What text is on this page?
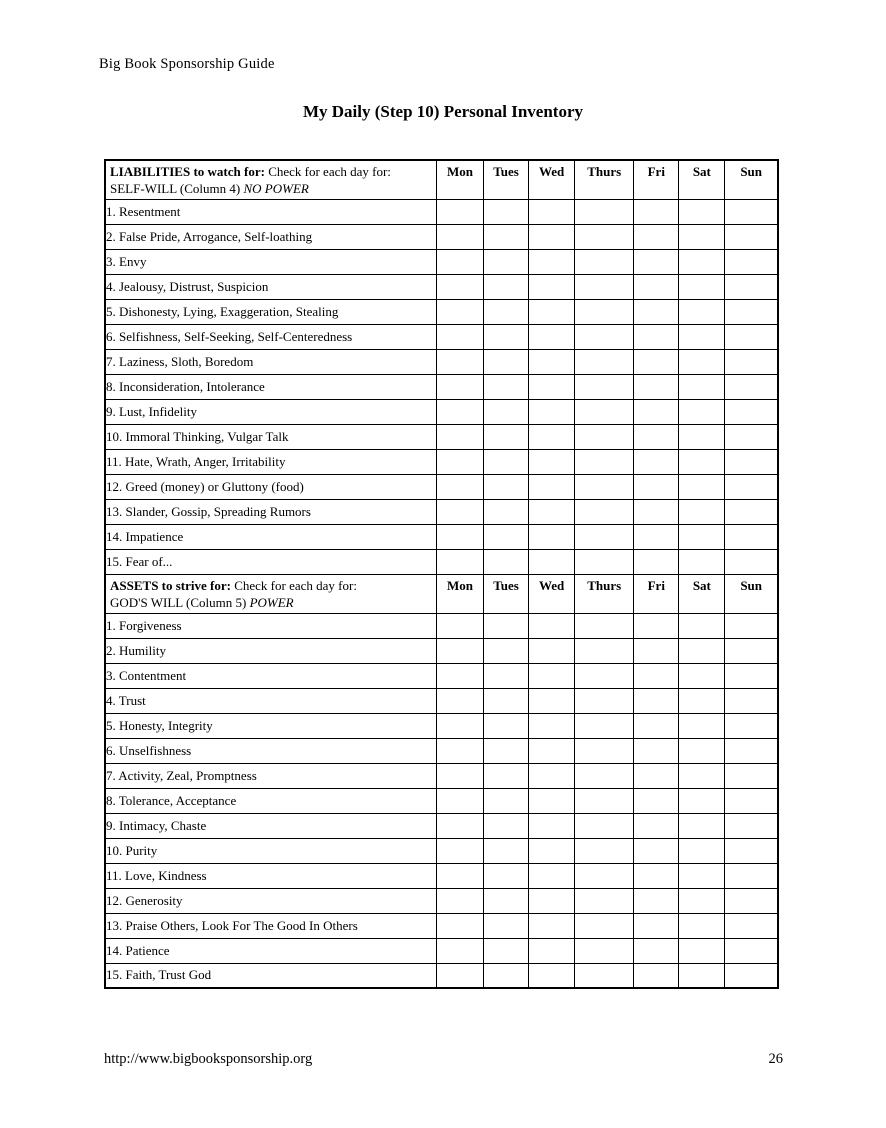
Big Book Sponsorship Guide
My Daily (Step 10) Personal Inventory
LIABILITIES to watch for: Check for each day for:
SELF-WILL (Column 4) NO POWER	Mon	Tues	Wed	Thurs	Fri	Sat	Sun
1. Resentment							
2. False Pride, Arrogance, Self-loathing							
3. Envy							
4. Jealousy, Distrust, Suspicion							
5. Dishonesty, Lying, Exaggeration, Stealing							
6. Selfishness, Self-Seeking, Self-Centeredness							
7. Laziness, Sloth, Boredom							
8. Inconsideration, Intolerance							
9. Lust, Infidelity							
10. Immoral Thinking, Vulgar Talk							
11. Hate, Wrath, Anger, Irritability							
12. Greed (money) or Gluttony (food)							
13. Slander, Gossip, Spreading Rumors							
14. Impatience							
15. Fear of...							
ASSETS to strive for: Check for each day for:
GOD'S WILL (Column 5) POWER	Mon	Tues	Wed	Thurs	Fri	Sat	Sun
1. Forgiveness							
2. Humility							
3. Contentment							
4. Trust							
5. Honesty, Integrity							
6. Unselfishness							
7. Activity, Zeal, Promptness							
8. Tolerance, Acceptance							
9. Intimacy, Chaste							
10. Purity							
11. Love, Kindness							
12. Generosity							
13. Praise Others, Look For The Good In Others							
14. Patience							
15. Faith, Trust God							
http://www.bigbooksponsorship.org	26
